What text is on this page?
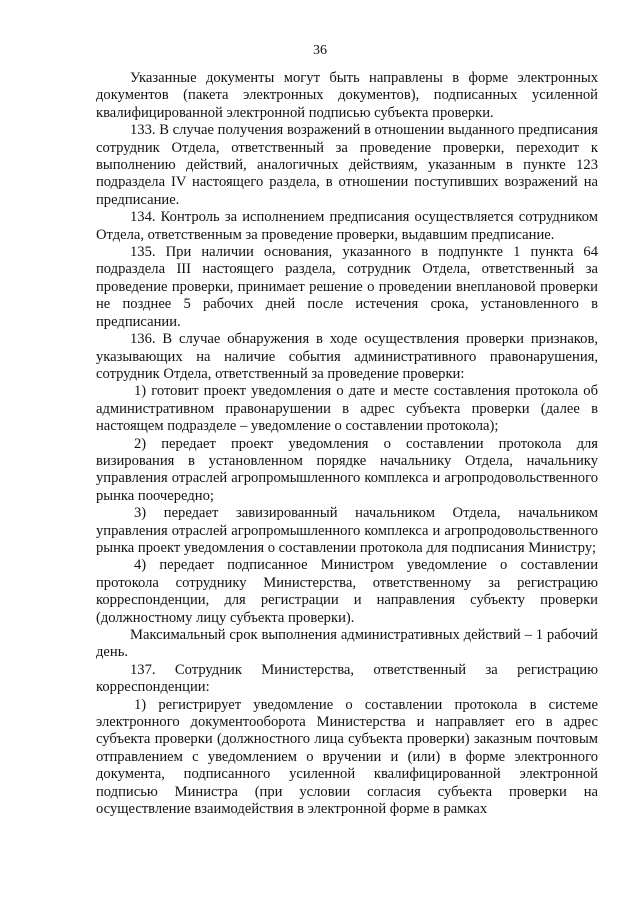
36

Указанные документы могут быть направлены в форме электронных документов (пакета электронных документов), подписанных усиленной квалифицированной электронной подписью субъекта проверки.

133. В случае получения возражений в отношении выданного предписания сотрудник Отдела, ответственный за проведение проверки, переходит к выполнению действий, аналогичных действиям, указанным в пункте 123 подраздела IV настоящего раздела, в отношении поступивших возражений на предписание.

134. Контроль за исполнением предписания осуществляется сотрудником Отдела, ответственным за проведение проверки, выдавшим предписание.

135. При наличии основания, указанного в подпункте 1 пункта 64 подраздела III настоящего раздела, сотрудник Отдела, ответственный за проведение проверки, принимает решение о проведении внеплановой проверки не позднее 5 рабочих дней после истечения срока, установленного в предписании.

136. В случае обнаружения в ходе осуществления проверки признаков, указывающих на наличие события административного правонарушения, сотрудник Отдела, ответственный за проведение проверки:

1) готовит проект уведомления о дате и месте составления протокола об административном правонарушении в адрес субъекта проверки (далее в настоящем подразделе – уведомление о составлении протокола);

2) передает проект уведомления о составлении протокола для визирования в установленном порядке начальнику Отдела, начальнику управления отраслей агропромышленного комплекса и агропродовольственного рынка поочередно;

3) передает завизированный начальником Отдела, начальником управления отраслей агропромышленного комплекса и агропродовольственного рынка проект уведомления о составлении протокола для подписания Министру;

4) передает подписанное Министром уведомление о составлении протокола сотруднику Министерства, ответственному за регистрацию корреспонденции, для регистрации и направления субъекту проверки (должностному лицу субъекта проверки).

Максимальный срок выполнения административных действий – 1 рабочий день.

137. Сотрудник Министерства, ответственный за регистрацию корреспонденции:

1) регистрирует уведомление о составлении протокола в системе электронного документооборота Министерства и направляет его в адрес субъекта проверки (должностного лица субъекта проверки) заказным почтовым отправлением с уведомлением о вручении и (или) в форме электронного документа, подписанного усиленной квалифицированной электронной подписью Министра (при условии согласия субъекта проверки на осуществление взаимодействия в электронной форме в рамках
